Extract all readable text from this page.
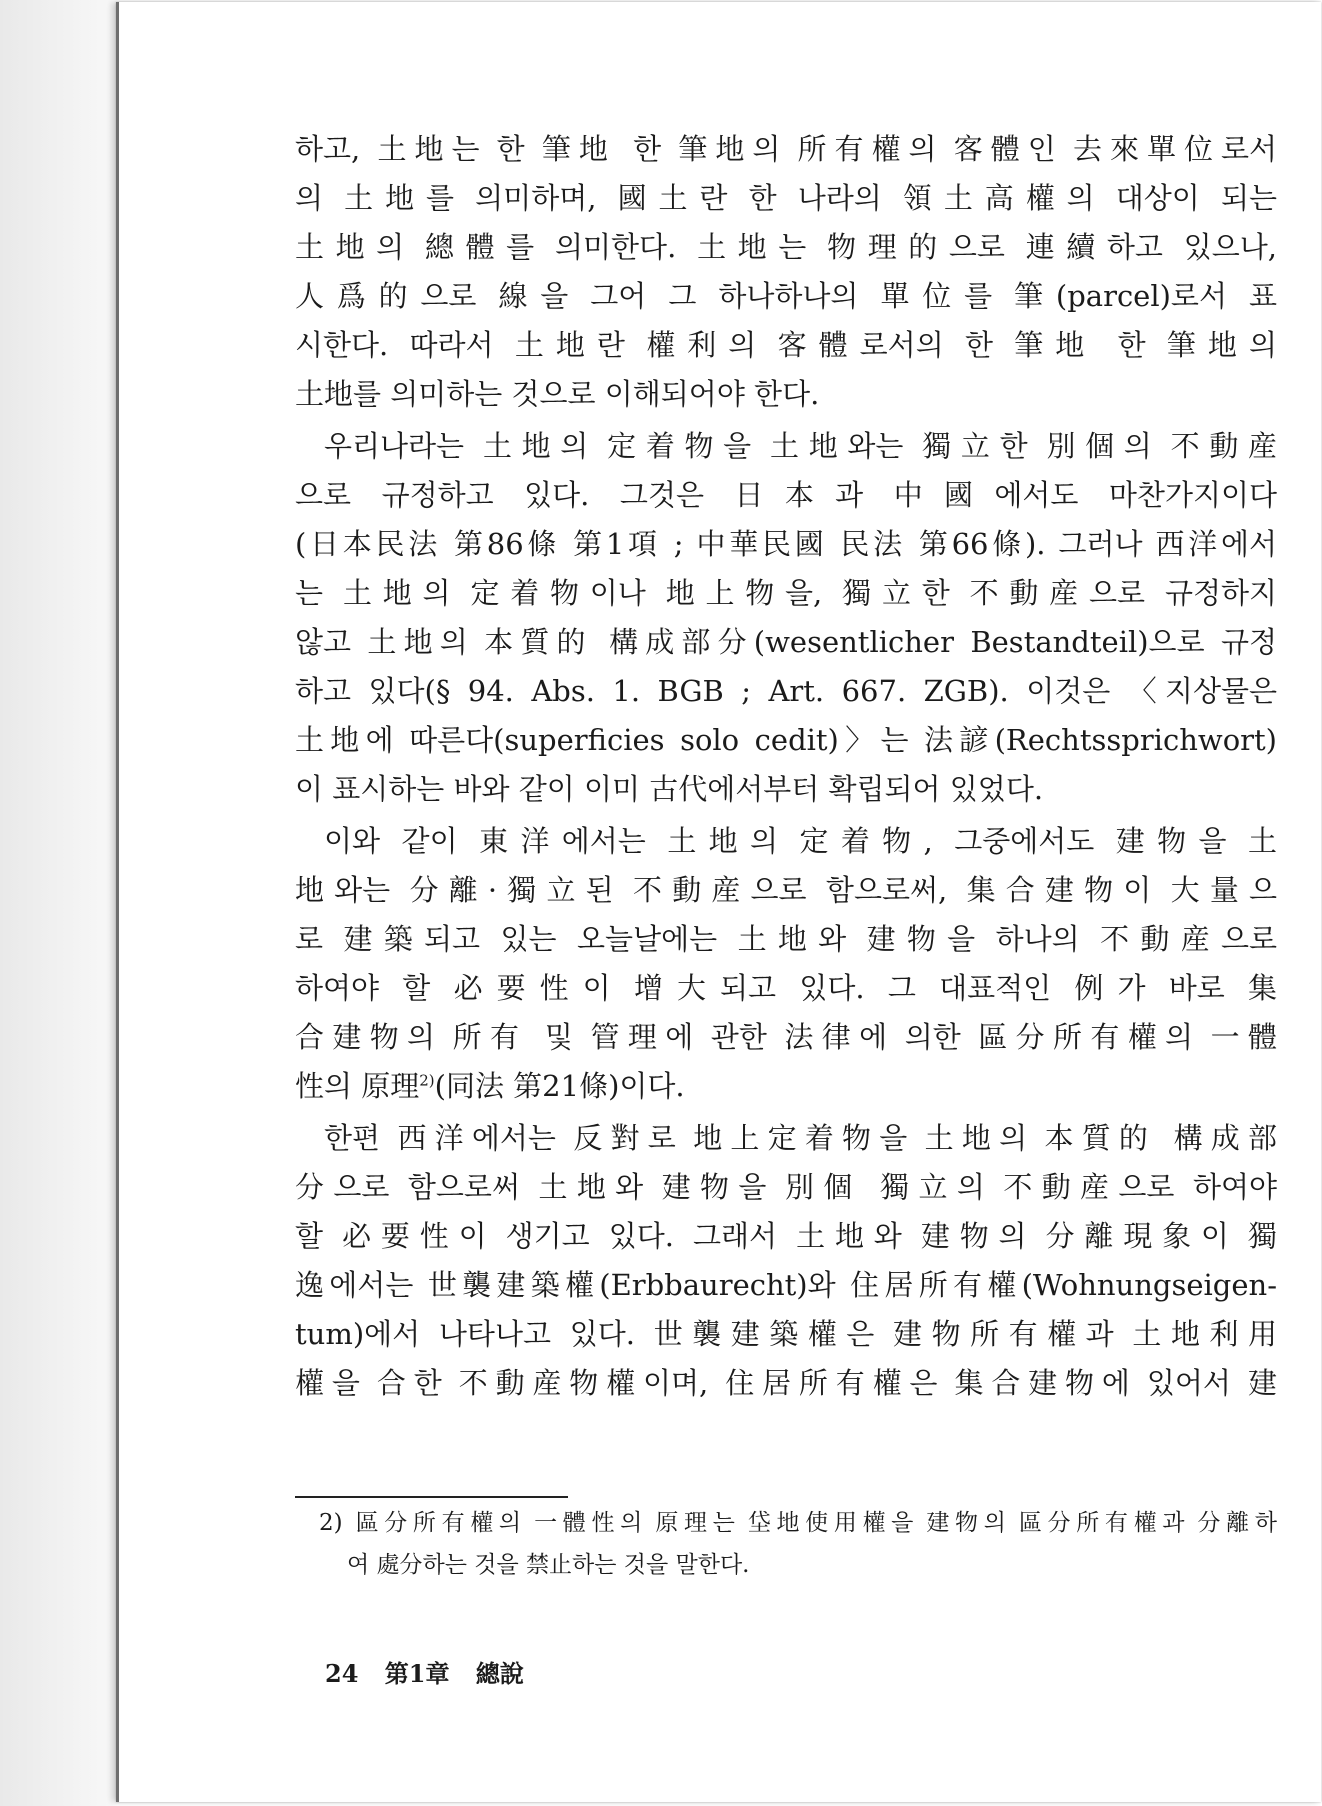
하고, 土地는 한 筆地 한 筆地의 所有權의 客體인 去來單位로서
의 土地를 의미하며, 國土란 한 나라의 領土高權의 대상이 되는
土地의 總體를 의미한다. 土地는 物理的으로 連續하고 있으나,
人爲的으로 線을 그어 그 하나하나의 單位를 筆(parcel)로서 표
시한다. 따라서 土地란 權利의 客體로서의 한 筆地 한 筆地의
土地를 의미하는 것으로 이해되어야 한다.
우리나라는 土地의 定着物을 土地와는 獨立한 別個의 不動産
으로 규정하고 있다. 그것은 日本과 中國에서도 마찬가지이다
(日本民法 第86條 第1項 ; 中華民國 民法 第66條). 그러나 西洋에서
는 土地의 定着物이나 地上物을, 獨立한 不動産으로 규정하지
않고 土地의 本質的 構成部分(wesentlicher Bestandteil)으로 규정
하고 있다(§ 94. Abs. 1. BGB ; Art. 667. ZGB). 이것은 〈지상물은
土地에 따른다(superficies solo cedit)〉는 法諺(Rechtssprichwort)
이 표시하는 바와 같이 이미 古代에서부터 확립되어 있었다.
이와 같이 東洋에서는 土地의 定着物, 그중에서도 建物을 土
地와는 分離·獨立된 不動産으로 함으로써, 集合建物이 大量으
로 建築되고 있는 오늘날에는 土地와 建物을 하나의 不動産으로
하여야 할 必要性이 增大되고 있다. 그 대표적인 例가 바로 集
合建物의 所有 및 管理에 관한 法律에 의한 區分所有權의 一體
性의 原理$^{2)}$(同法 第21條)이다.
한편 西洋에서는 反對로 地上定着物을 土地의 本質的 構成部
分으로 함으로써 土地와 建物을 別個 獨立의 不動産으로 하여야
할 必要性이 생기고 있다. 그래서 土地와 建物의 分離現象이 獨
逸에서는 世襲建築權(Erbbaurecht)와 住居所有權(Wohnungseigen-
tum)에서 나타나고 있다. 世襲建築權은 建物所有權과 土地利用
權을 合한 不動産物權이며, 住居所有權은 集合建物에 있어서 建
2) 區分所有權의 一體性의 原理는 垈地使用權을 建物의 區分所有權과 分離하
여 處分하는 것을 禁止하는 것을 말한다.
24 第1章 總說
